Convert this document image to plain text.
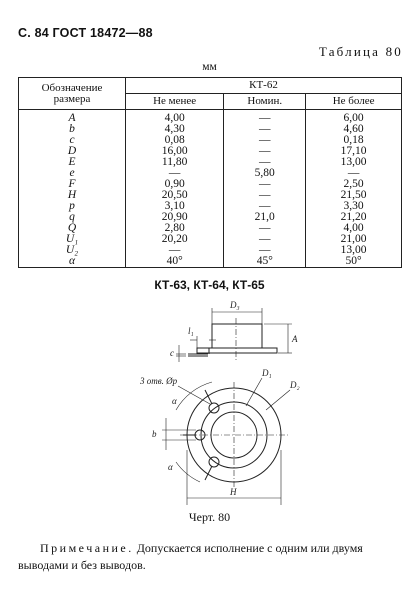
С. 84 ГОСТ 18472—88
Таблица 80
мм
Обозначение размера	КТ-62		
	Не менее	Номин.	Не более
A	4,00	—	6,00
b	4,30	—	4,60
c	0,08	—	0,18
D	16,00	—	17,10
E	11,80	—	13,00
e	—	5,80	—
F	0,90	—	2,50
H	20,50	—	21,50
p	3,10	—	3,30
q	20,90	21,0	21,20
Q	2,80	—	4,00
U₁	20,20	—	21,00
U₂	—	—	13,00
α	40°	45°	50°
КТ-63, КТ-64, КТ-65
D₃
l₁
A
c
3 отв. Øp
D₁
D₂
α
b
α
H
Черт. 80
Примечание. Допускается исполнение с одним или двумя выводами и без выводов.
